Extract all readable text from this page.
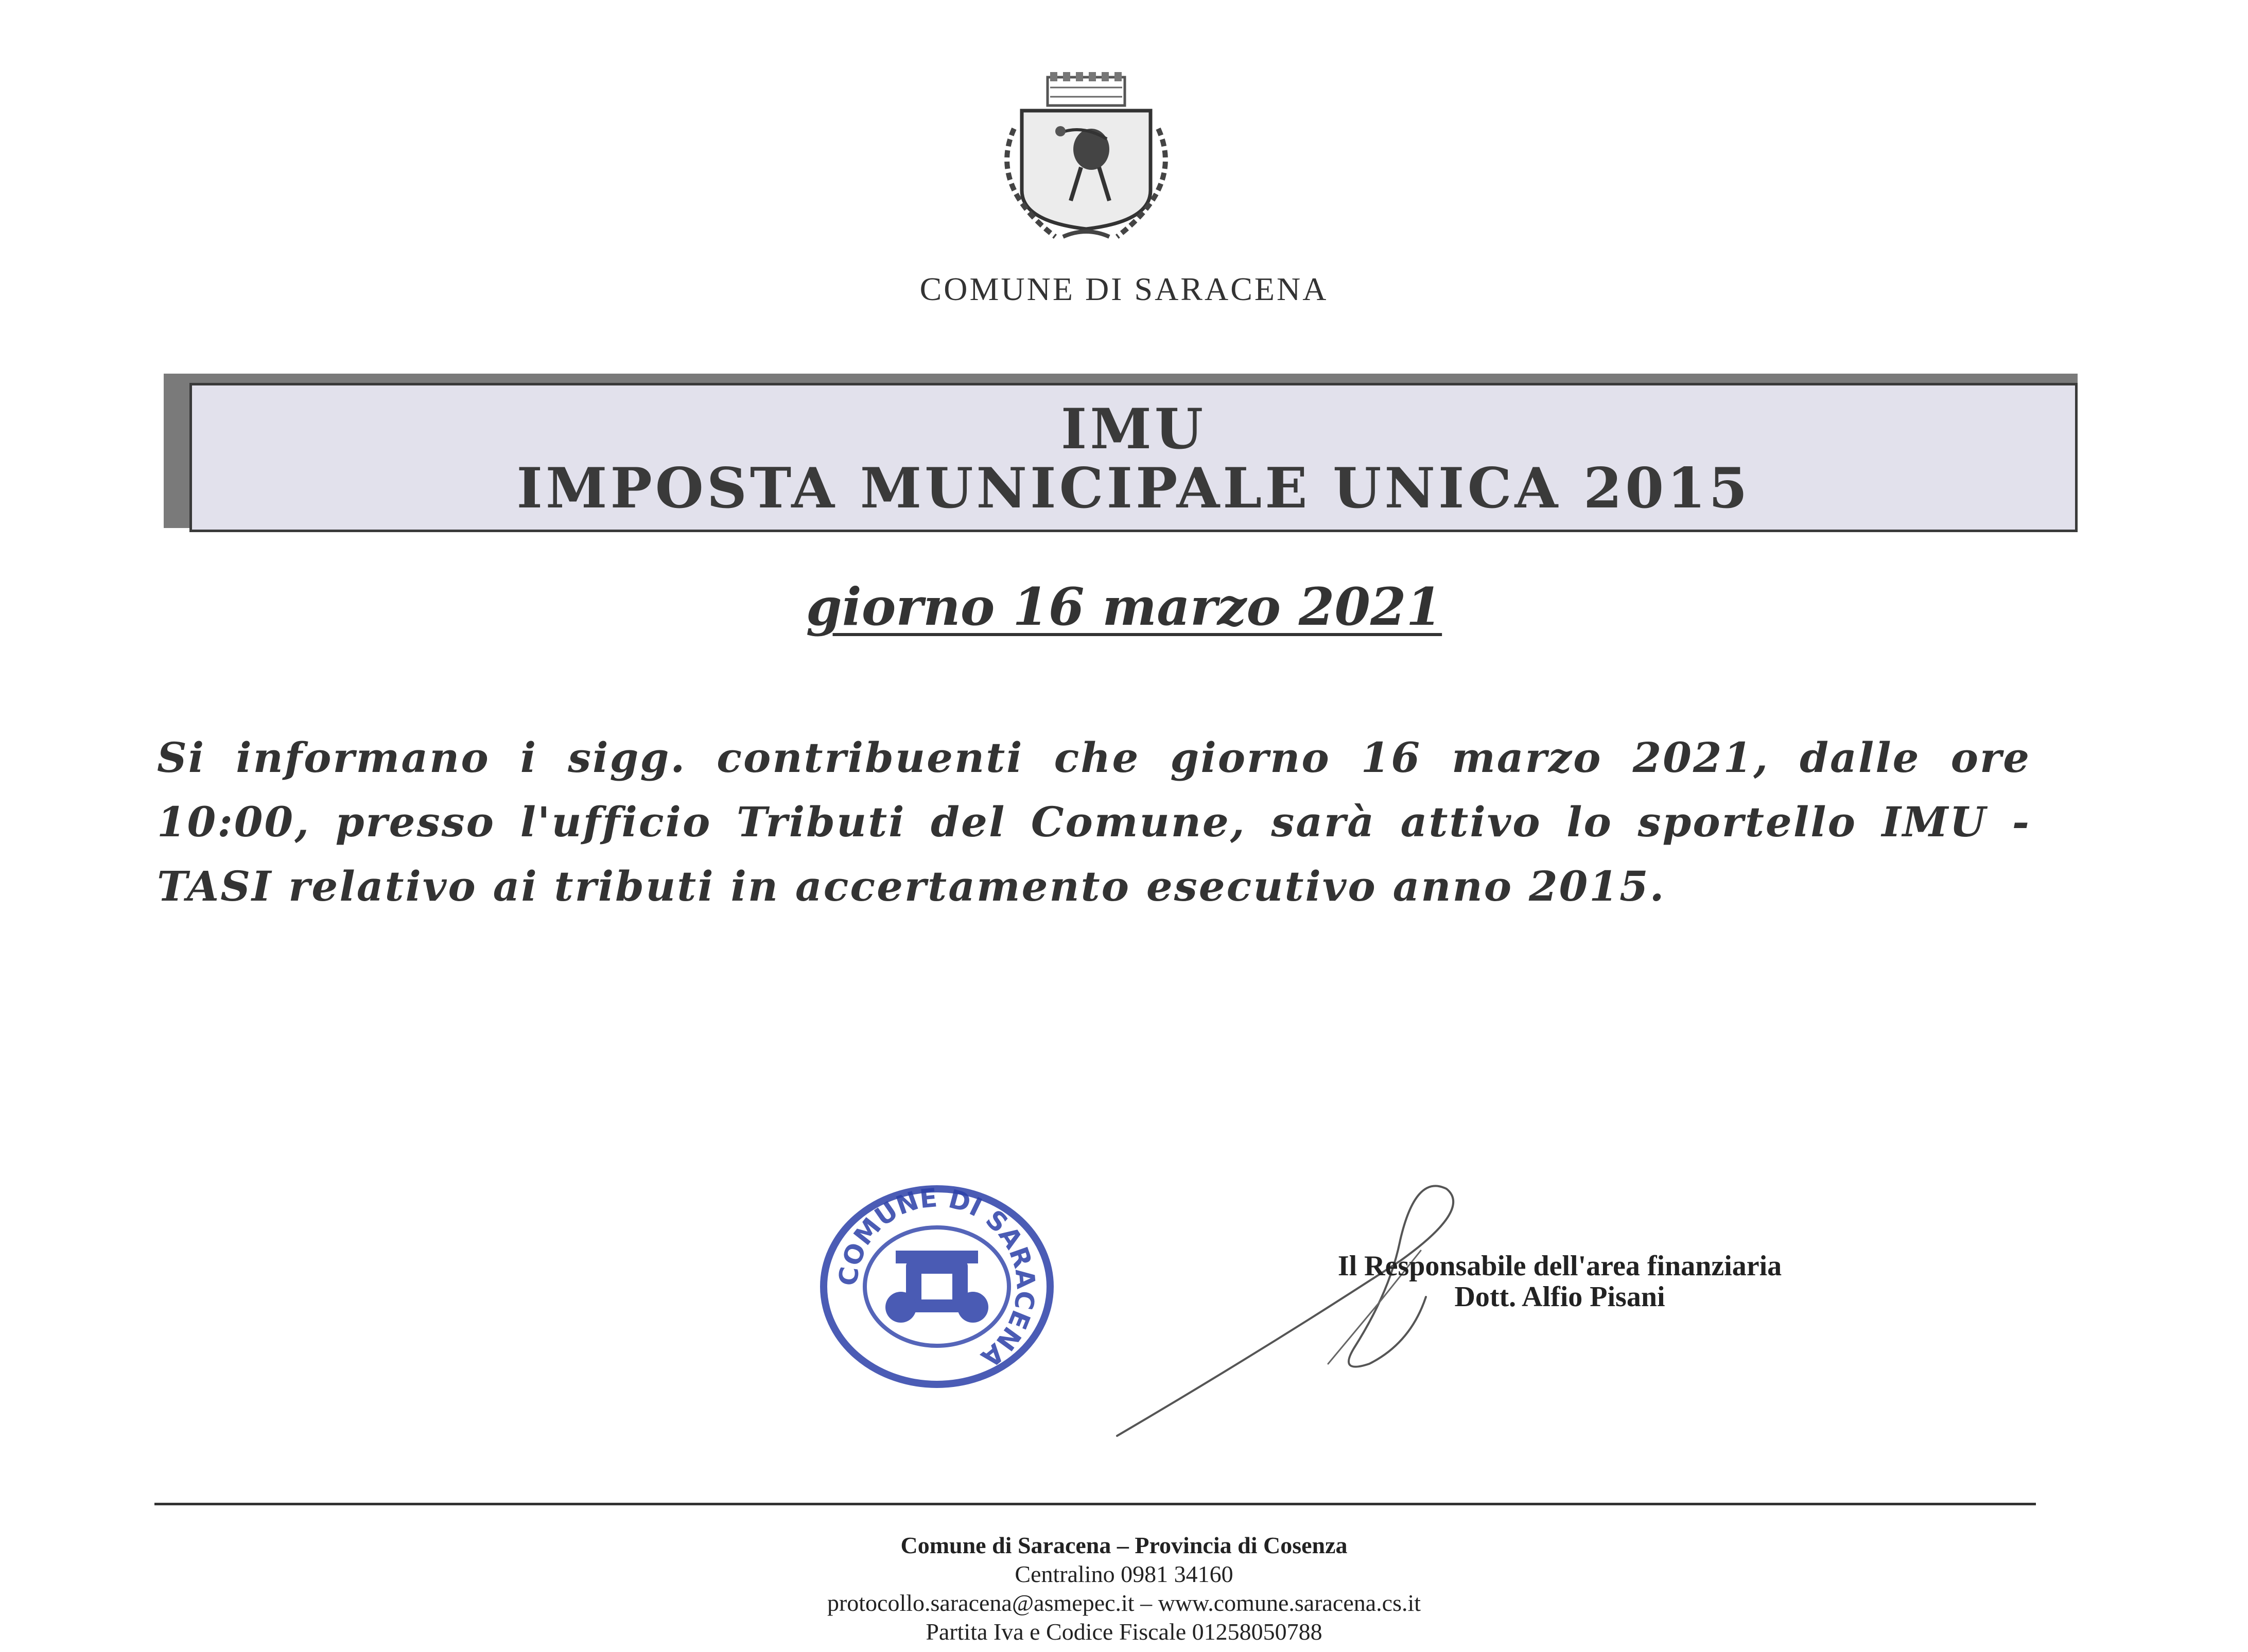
COMUNE DI SARACENA
IMU
IMPOSTA MUNICIPALE UNICA 2015
giorno 16 marzo 2021
Si informano i sigg. contribuenti che giorno 16 marzo 2021, dalle ore 10:00, presso l'ufficio Tributi del Comune, sarà attivo lo sportello IMU - TASI relativo ai tributi in accertamento esecutivo anno 2015.
COMUNE DI SARACENA
Il Responsabile dell'area finanziaria
Dott. Alfio Pisani
Comune di Saracena – Provincia di Cosenza
Centralino 0981 34160
protocollo.saracena@asmepec.it – www.comune.saracena.cs.it
Partita Iva e Codice Fiscale 01258050788
